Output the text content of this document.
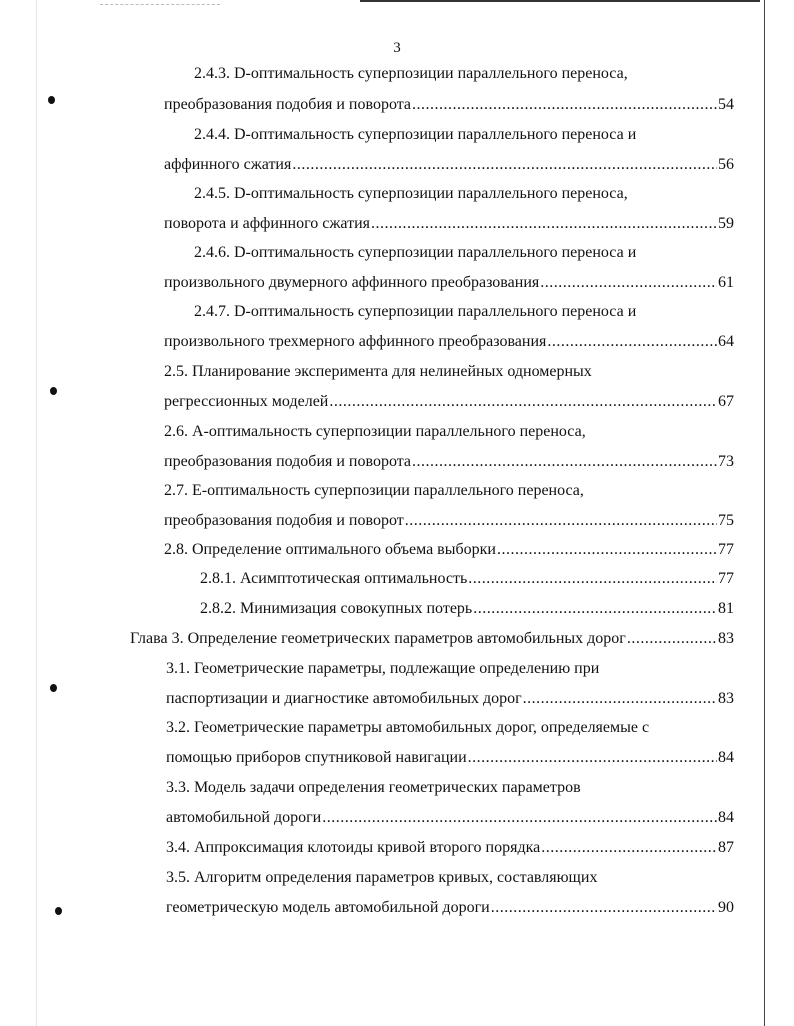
3
2.4.3. D-оптимальность суперпозиции параллельного переноса,
преобразования подобия и поворота .....	54
2.4.4. D-оптимальность суперпозиции параллельного переноса и
аффинного сжатия .....	56
2.4.5. D-оптимальность суперпозиции параллельного переноса,
поворота и аффинного сжатия .....	59
2.4.6. D-оптимальность суперпозиции параллельного переноса и
произвольного двумерного аффинного преобразования .....	61
2.4.7. D-оптимальность суперпозиции параллельного переноса и
произвольного трехмерного аффинного преобразования .....	64
2.5. Планирование эксперимента для нелинейных одномерных
регрессионных моделей .....	67
2.6. А-оптимальность суперпозиции параллельного переноса,
преобразования подобия и поворота .....	73
2.7. Е-оптимальность суперпозиции параллельного переноса,
преобразования подобия и поворот .....	75
2.8. Определение оптимального объема выборки .....	77
2.8.1. Асимптотическая оптимальность .....	77
2.8.2. Минимизация совокупных потерь .....	81
Глава 3. Определение геометрических параметров автомобильных дорог .....	83
3.1. Геометрические параметры, подлежащие определению при
паспортизации и диагностике автомобильных дорог .....	83
3.2. Геометрические параметры автомобильных дорог, определяемые с
помощью приборов спутниковой навигации .....	84
3.3. Модель задачи определения геометрических параметров
автомобильной дороги .....	84
3.4. Аппроксимация клотоиды кривой второго порядка .....	87
3.5. Алгоритм определения параметров кривых, составляющих
геометрическую модель автомобильной дороги .....	90
